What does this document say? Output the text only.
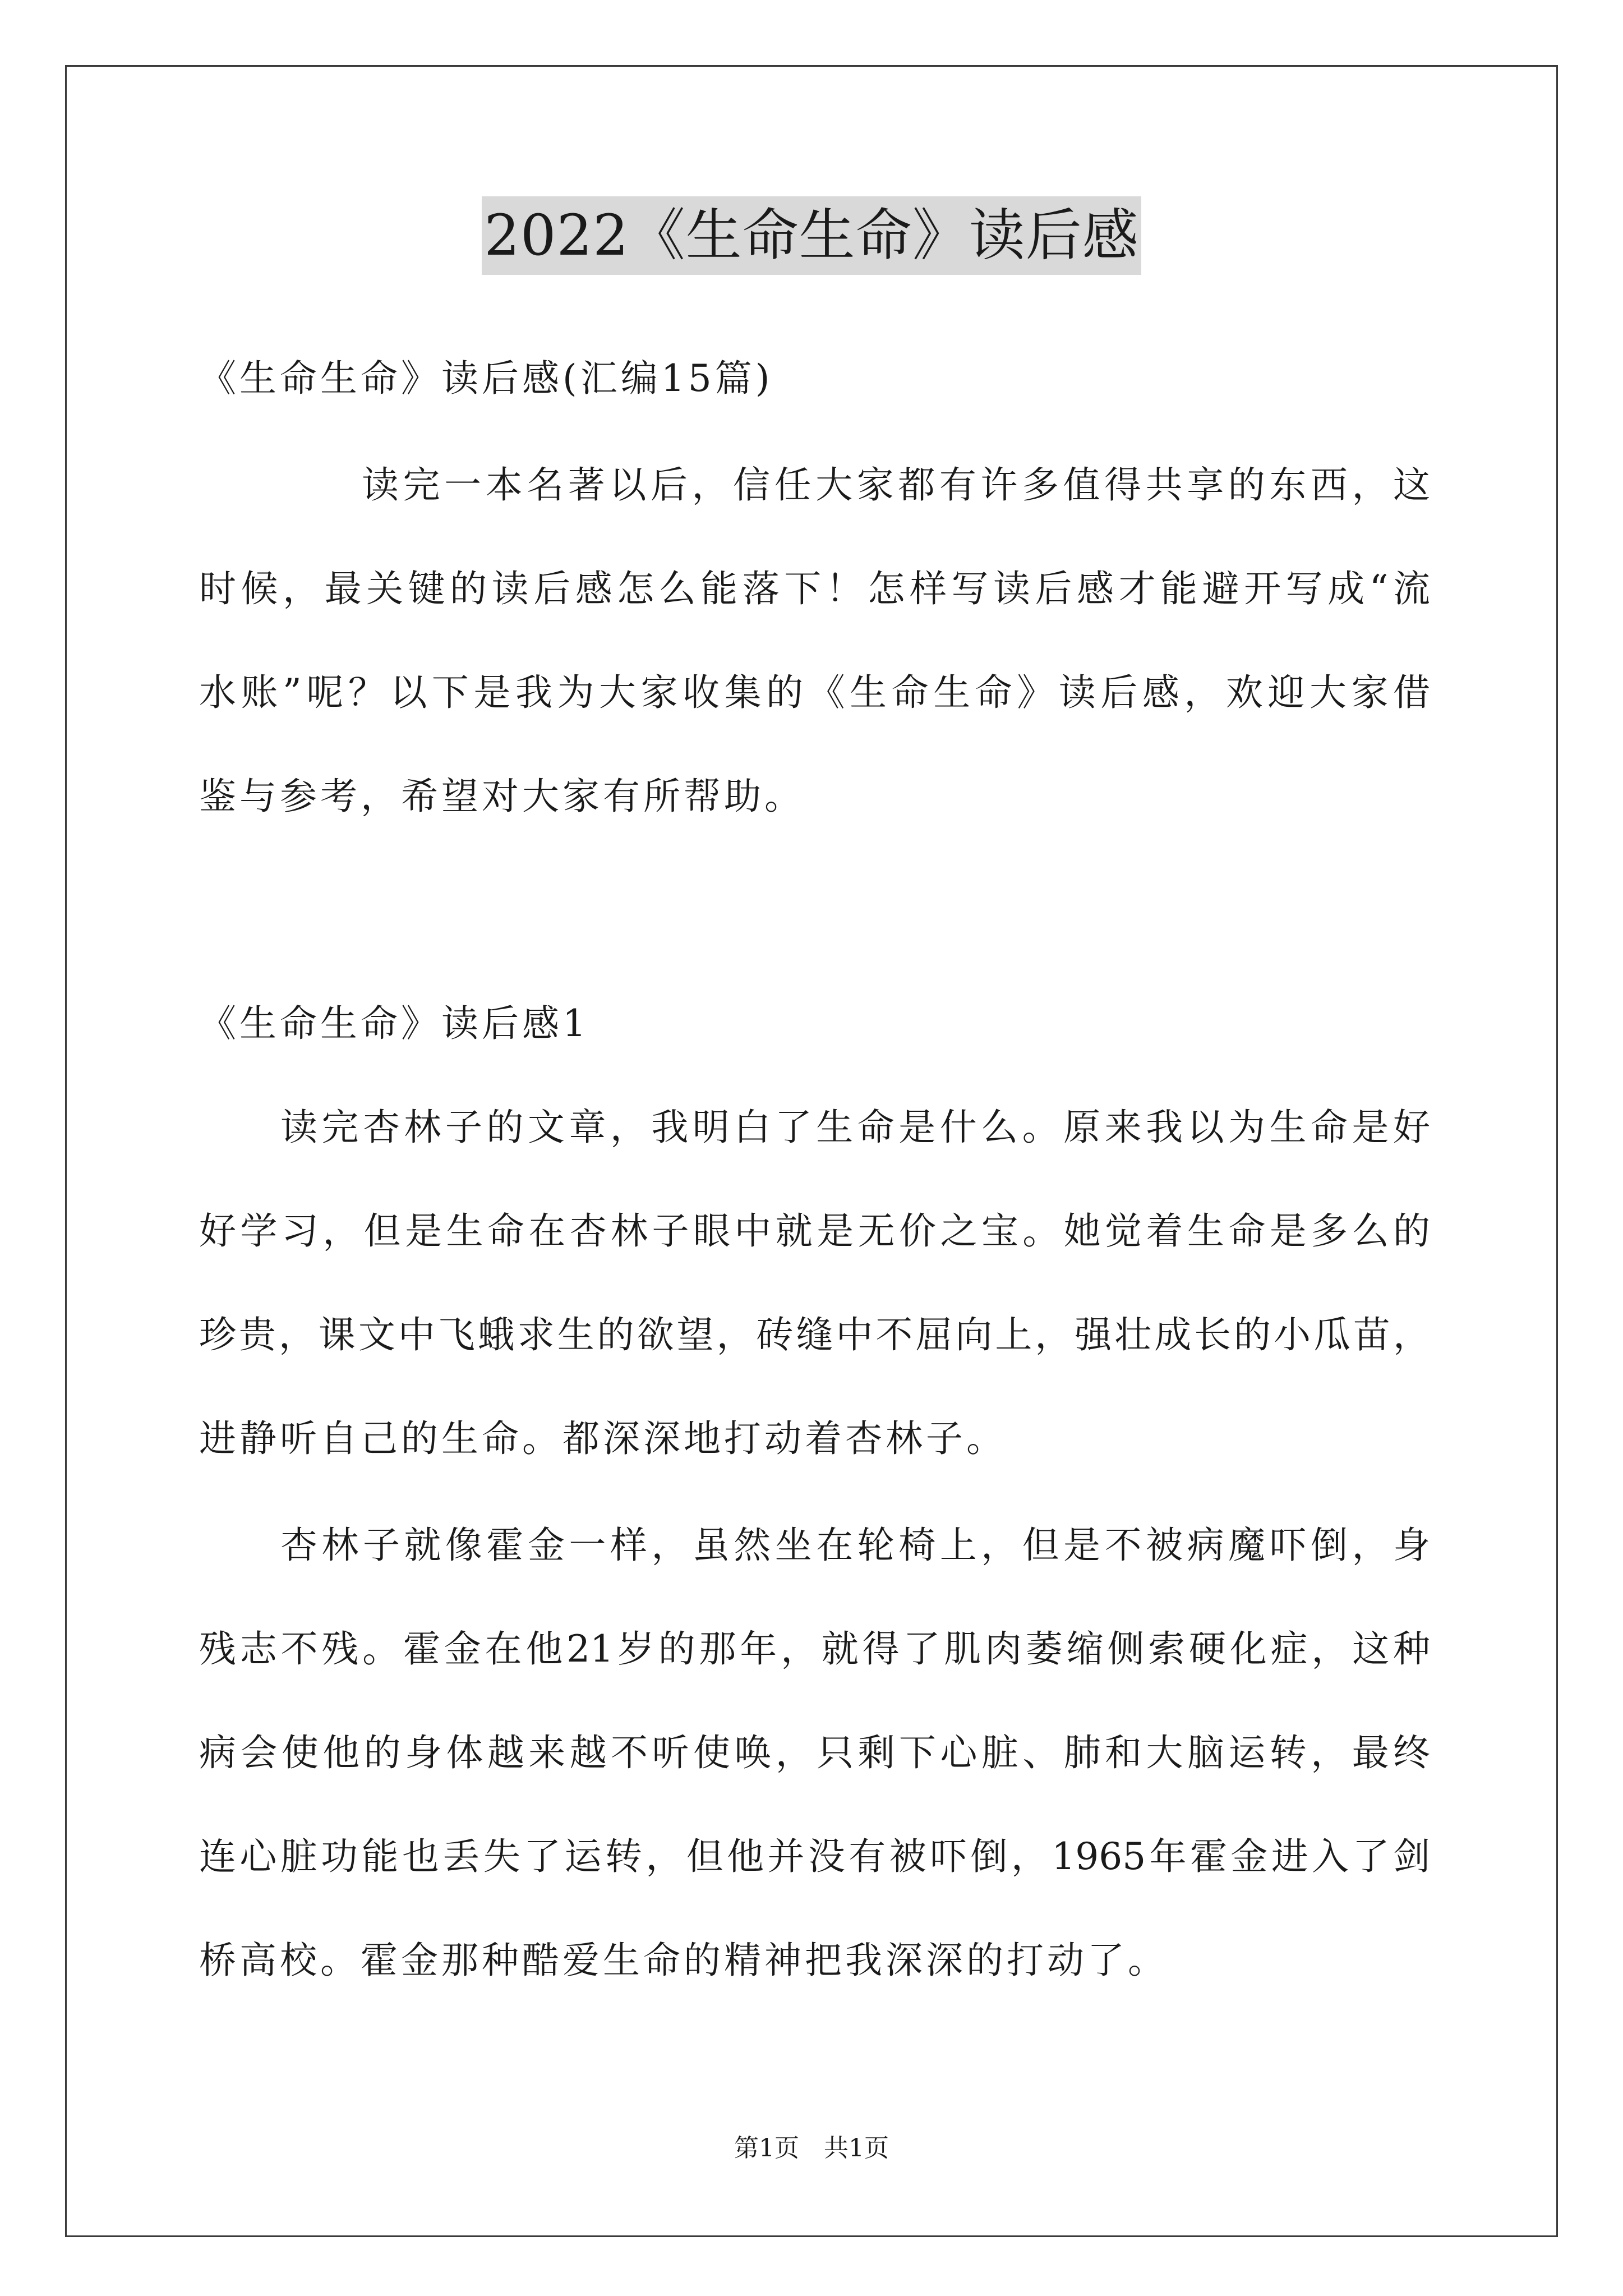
2022《生命生命》读后感
《生命生命》读后感(汇编15篇)
读完一本名著以后，信任大家都有许多值得共享的东西，这
时候，最关键的读后感怎么能落下！怎样写读后感才能避开写成“流
水账”呢？以下是我为大家收集的《生命生命》读后感，欢迎大家借
鉴与参考，希望对大家有所帮助。
《生命生命》读后感1
读完杏林子的文章，我明白了生命是什么。原来我以为生命是好
好学习，但是生命在杏林子眼中就是无价之宝。她觉着生命是多么的
珍贵，课文中飞蛾求生的欲望，砖缝中不屈向上，强壮成长的小瓜苗，
进静听自己的生命。都深深地打动着杏林子。
杏林子就像霍金一样，虽然坐在轮椅上，但是不被病魔吓倒，身
残志不残。霍金在他21岁的那年，就得了肌肉萎缩侧索硬化症，这种
病会使他的身体越来越不听使唤，只剩下心脏、肺和大脑运转，最终
连心脏功能也丢失了运转，但他并没有被吓倒，1965年霍金进入了剑
桥高校。霍金那种酷爱生命的精神把我深深的打动了。
第1页　共1页
